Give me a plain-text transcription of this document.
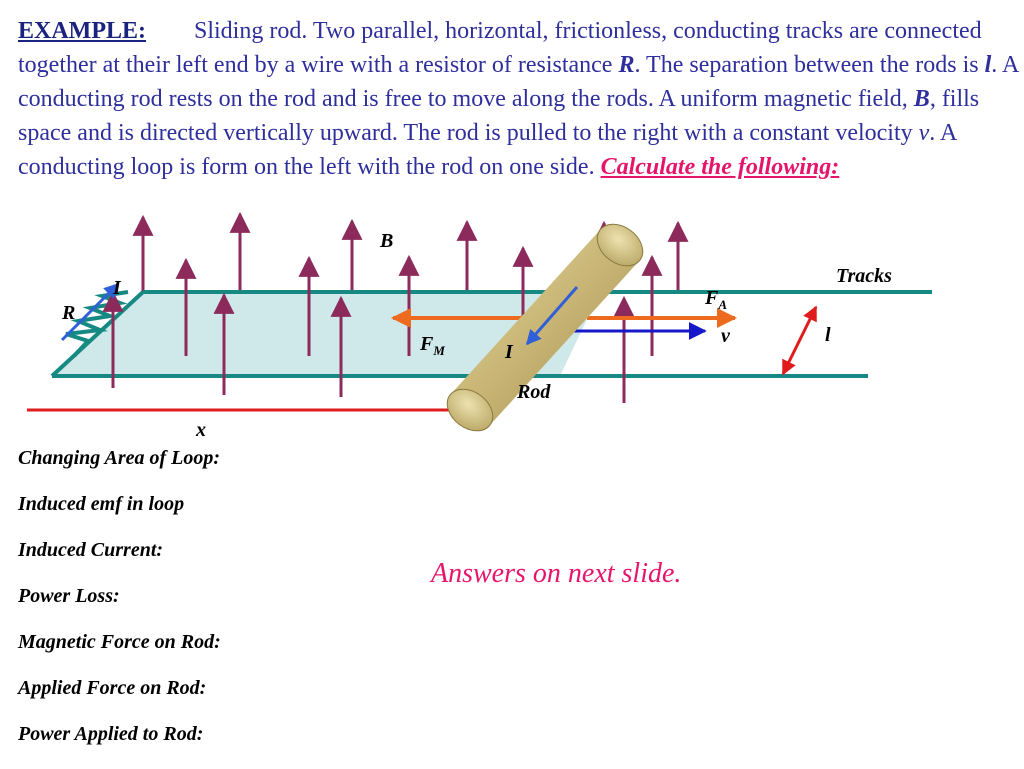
EXAMPLE: Sliding rod. Two parallel, horizontal, frictionless, conducting tracks are connected together at their left end by a wire with a resistor of resistance R. The separation between the rods is l. A conducting rod rests on the rod and is free to move along the rods. A uniform magnetic field, B, fills space and is directed vertically upward. The rod is pulled to the right with a constant velocity v. A conducting loop is form on the left with the rod on one side. Calculate the following:

B
Tracks
I
R
$F_A$
v	l
$F_M$	I
Rod
x
Changing Area of Loop:
Induced emf in loop
Induced Current:
Power Loss:
Magnetic Force on Rod:
Applied Force on Rod:
Power Applied to Rod:
Answers on next slide.
